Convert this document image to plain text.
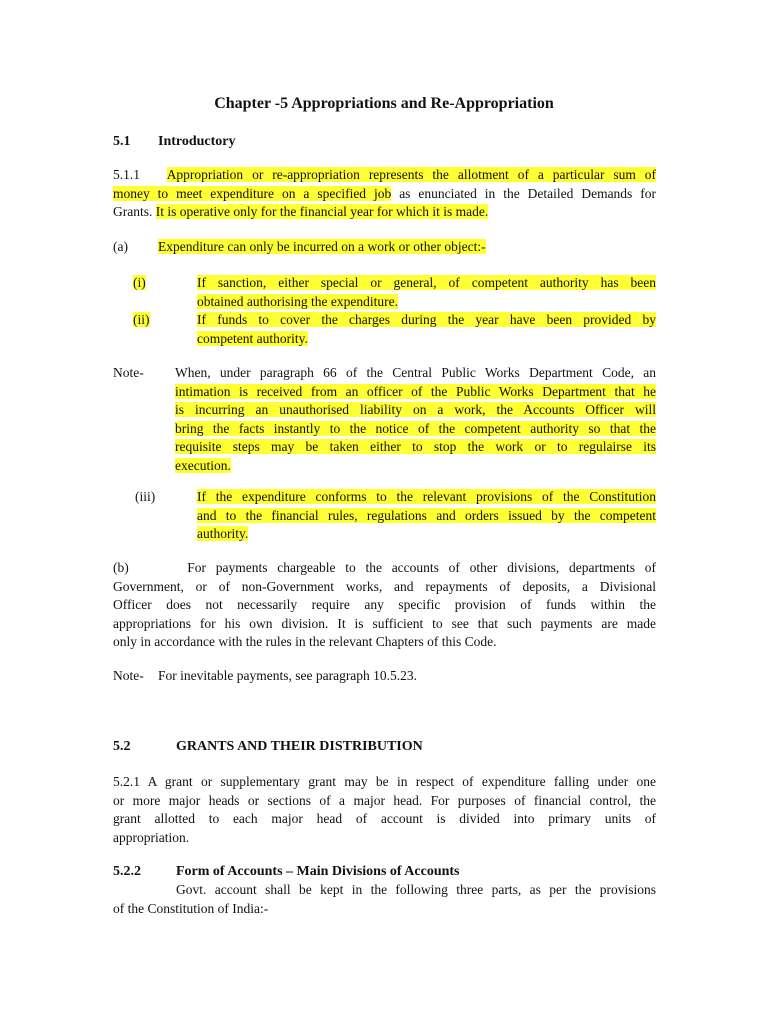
Chapter -5 Appropriations and Re-Appropriation
5.1 Introductory
5.1.1 Appropriation or re-appropriation represents the allotment of a particular sum of
money to meet expenditure on a specified job as enunciated in the Detailed Demands for
Grants. It is operative only for the financial year for which it is made.
(a) Expenditure can only be incurred on a work or other object:-
(i)	If sanction, either special or general, of competent authority has been
obtained authorising the expenditure.
(ii)	If funds to cover the charges during the year have been provided by
competent authority.
Note- When, under paragraph 66 of the Central Public Works Department Code, an
intimation is received from an officer of the Public Works Department that he
is incurring an unauthorised liability on a work, the Accounts Officer will
bring the facts instantly to the notice of the competent authority so that the
requisite steps may be taken either to stop the work or to regulairse its
execution.
(iii)	If the expenditure conforms to the relevant provisions of the Constitution
and to the financial rules, regulations and orders issued by the competent
authority.
(b)	For payments chargeable to the accounts of other divisions, departments of
Government, or of non-Government works, and repayments of deposits, a Divisional
Officer does not necessarily require any specific provision of funds within the
appropriations for his own division. It is sufficient to see that such payments are made
only in accordance with the rules in the relevant Chapters of this Code.
Note- For inevitable payments, see paragraph 10.5.23.
5.2	GRANTS AND THEIR DISTRIBUTION
5.2.1 A grant or supplementary grant may be in respect of expenditure falling under one
or more major heads or sections of a major head. For purposes of financial control, the
grant allotted to each major head of account is divided into primary units of
appropriation.
5.2.2	Form of Accounts – Main Divisions of Accounts
Govt. account shall be kept in the following three parts, as per the provisions
of the Constitution of India:-
